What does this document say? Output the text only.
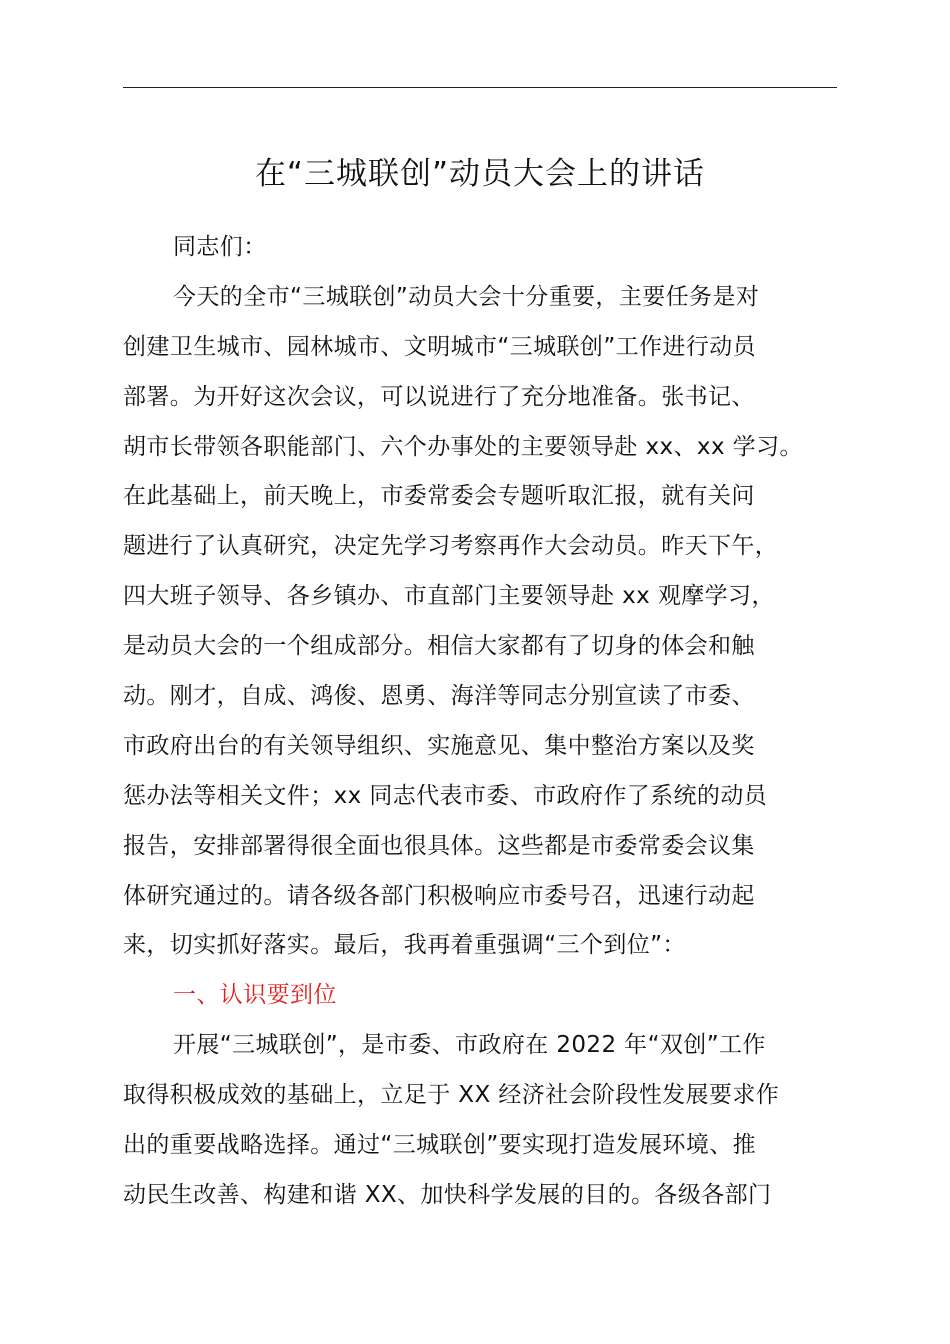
在“三城联创”动员大会上的讲话
同志们：
今天的全市“三城联创”动员大会十分重要，主要任务是对
创建卫生城市、园林城市、文明城市“三城联创”工作进行动员
部署。为开好这次会议，可以说进行了充分地准备。张书记、
胡市长带领各职能部门、六个办事处的主要领导赴 xx、xx 学习。
在此基础上，前天晚上，市委常委会专题听取汇报，就有关问
题进行了认真研究，决定先学习考察再作大会动员。昨天下午，
四大班子领导、各乡镇办、市直部门主要领导赴 xx 观摩学习，
是动员大会的一个组成部分。相信大家都有了切身的体会和触
动。刚才，自成、鸿俊、恩勇、海洋等同志分别宣读了市委、
市政府出台的有关领导组织、实施意见、集中整治方案以及奖
惩办法等相关文件；xx 同志代表市委、市政府作了系统的动员
报告，安排部署得很全面也很具体。这些都是市委常委会议集
体研究通过的。请各级各部门积极响应市委号召，迅速行动起
来，切实抓好落实。最后，我再着重强调“三个到位”：
一、认识要到位
开展“三城联创”，是市委、市政府在 2022 年“双创”工作
取得积极成效的基础上，立足于 XX 经济社会阶段性发展要求作
出的重要战略选择。通过“三城联创”要实现打造发展环境、推
动民生改善、构建和谐 XX、加快科学发展的目的。各级各部门
